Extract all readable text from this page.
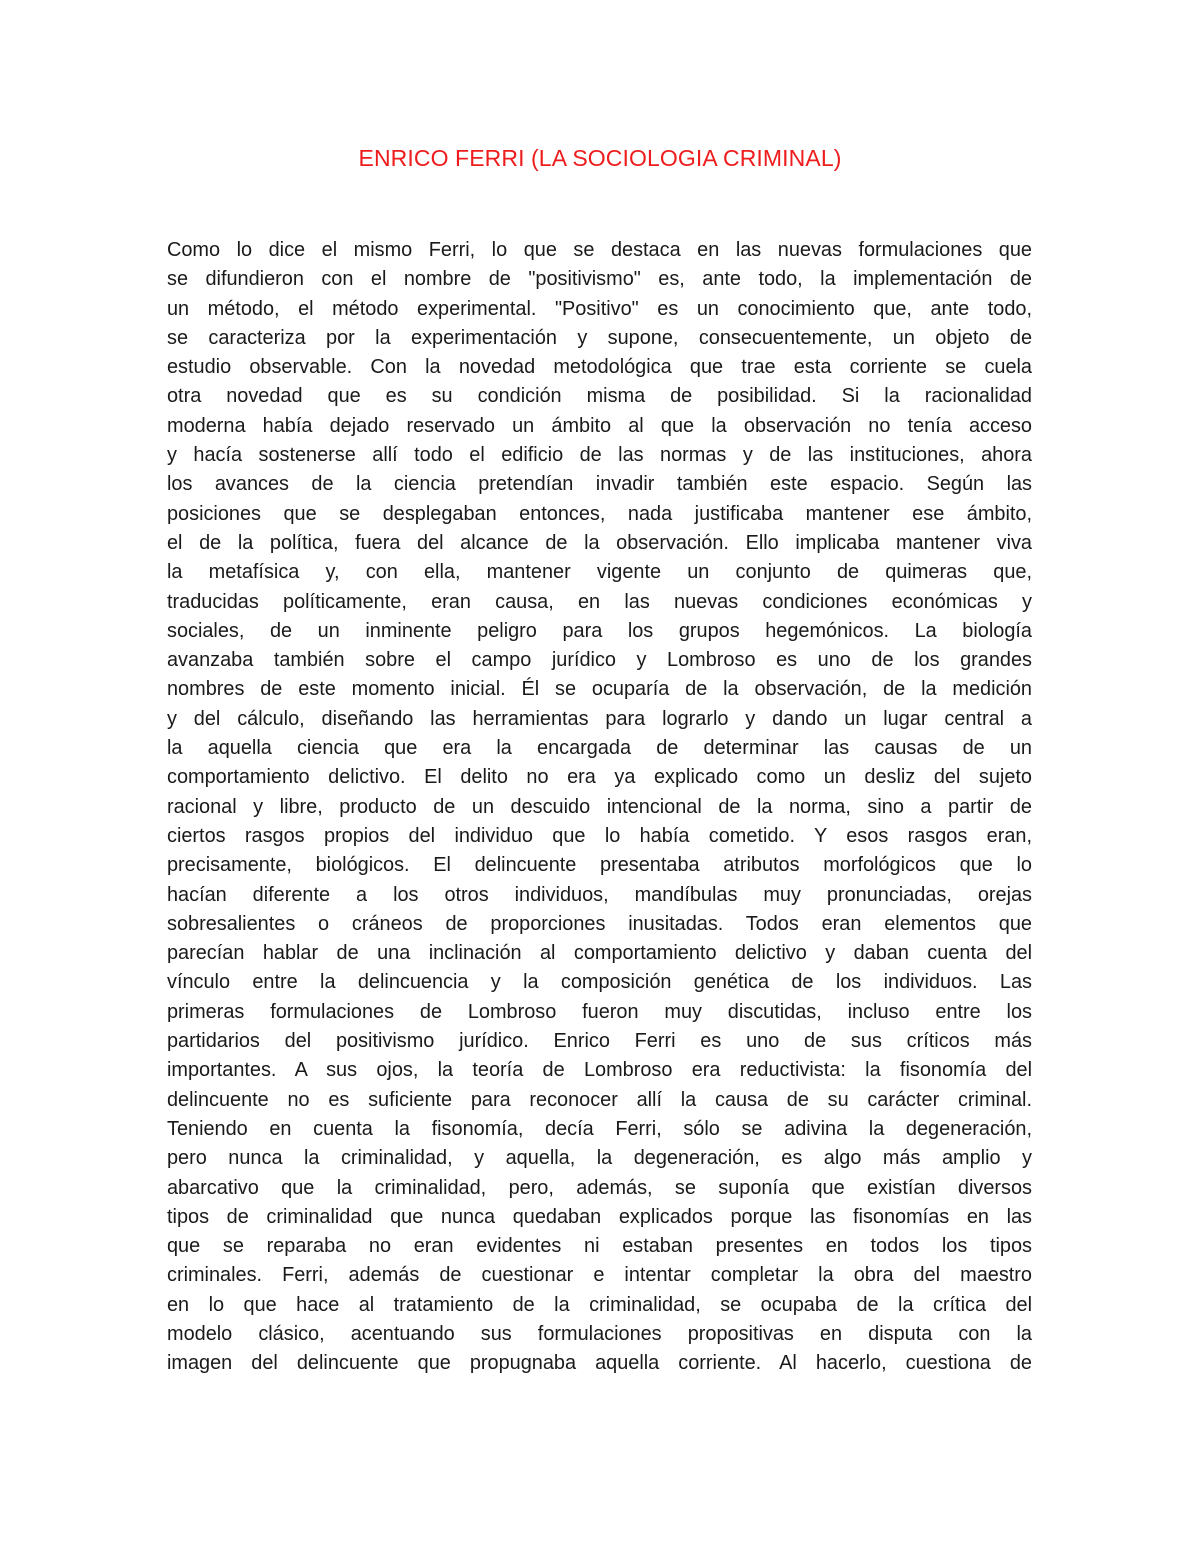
ENRICO FERRI (LA SOCIOLOGIA CRIMINAL)
Como lo dice el mismo Ferri, lo que se destaca en las nuevas formulaciones que
se difundieron con el nombre de "positivismo" es, ante todo, la implementación de
un método, el método experimental. "Positivo" es un conocimiento que, ante todo,
se caracteriza por la experimentación y supone, consecuentemente, un objeto de
estudio observable. Con la novedad metodológica que trae esta corriente se cuela
otra novedad que es su condición misma de posibilidad. Si la racionalidad
moderna había dejado reservado un ámbito al que la observación no tenía acceso
y hacía sostenerse allí todo el edificio de las normas y de las instituciones, ahora
los avances de la ciencia pretendían invadir también este espacio. Según las
posiciones que se desplegaban entonces, nada justificaba mantener ese ámbito,
el de la política, fuera del alcance de la observación. Ello implicaba mantener viva
la metafísica y, con ella, mantener vigente un conjunto de quimeras que,
traducidas políticamente, eran causa, en las nuevas condiciones económicas y
sociales, de un inminente peligro para los grupos hegemónicos. La biología
avanzaba también sobre el campo jurídico y Lombroso es uno de los grandes
nombres de este momento inicial. Él se ocuparía de la observación, de la medición
y del cálculo, diseñando las herramientas para lograrlo y dando un lugar central a
la aquella ciencia que era la encargada de determinar las causas de un
comportamiento delictivo. El delito no era ya explicado como un desliz del sujeto
racional y libre, producto de un descuido intencional de la norma, sino a partir de
ciertos rasgos propios del individuo que lo había cometido. Y esos rasgos eran,
precisamente, biológicos. El delincuente presentaba atributos morfológicos que lo
hacían diferente a los otros individuos, mandíbulas muy pronunciadas, orejas
sobresalientes o cráneos de proporciones inusitadas. Todos eran elementos que
parecían hablar de una inclinación al comportamiento delictivo y daban cuenta del
vínculo entre la delincuencia y la composición genética de los individuos. Las
primeras formulaciones de Lombroso fueron muy discutidas, incluso entre los
partidarios del positivismo jurídico. Enrico Ferri es uno de sus críticos más
importantes. A sus ojos, la teoría de Lombroso era reductivista: la fisonomía del
delincuente no es suficiente para reconocer allí la causa de su carácter criminal.
Teniendo en cuenta la fisonomía, decía Ferri, sólo se adivina la degeneración,
pero nunca la criminalidad, y aquella, la degeneración, es algo más amplio y
abarcativo que la criminalidad, pero, además, se suponía que existían diversos
tipos de criminalidad que nunca quedaban explicados porque las fisonomías en las
que se reparaba no eran evidentes ni estaban presentes en todos los tipos
criminales. Ferri, además de cuestionar e intentar completar la obra del maestro
en lo que hace al tratamiento de la criminalidad, se ocupaba de la crítica del
modelo clásico, acentuando sus formulaciones propositivas en disputa con la
imagen del delincuente que propugnaba aquella corriente. Al hacerlo, cuestiona de
